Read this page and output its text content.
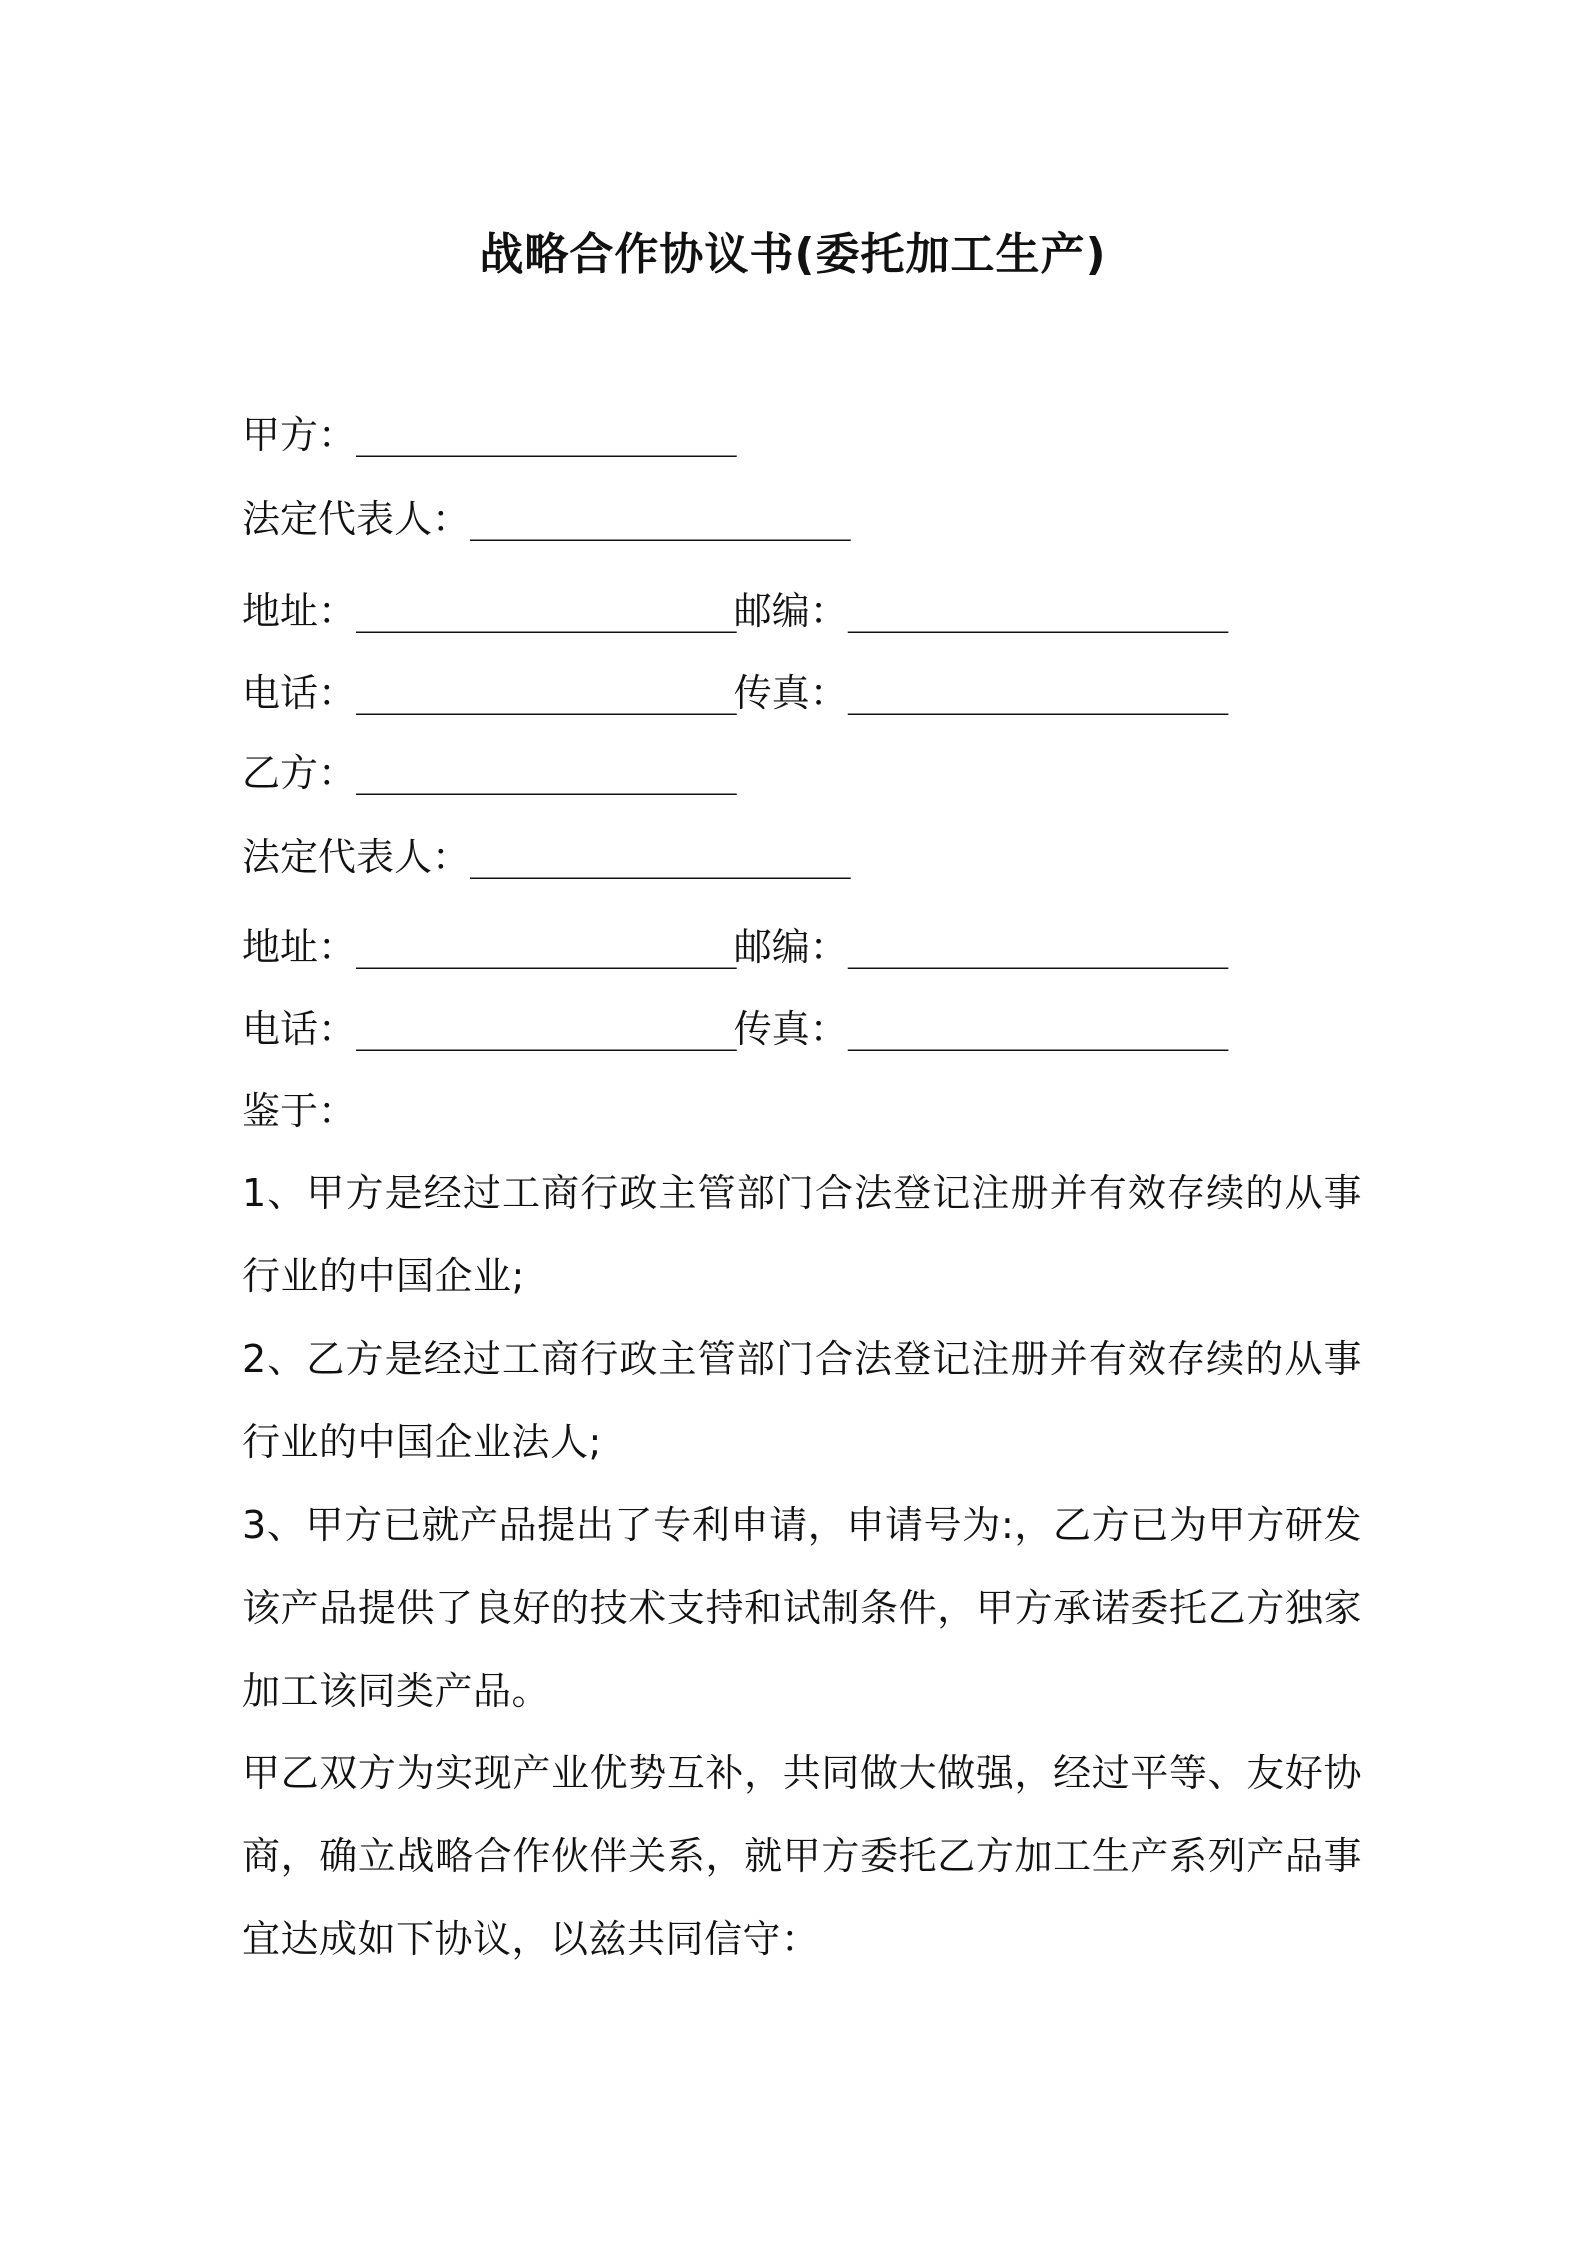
战略合作协议书(委托加工生产)
甲方：___________________
法定代表人：___________________
地址：___________________邮编：___________________
电话：___________________传真：___________________
乙方：___________________
法定代表人：___________________
地址：___________________邮编：___________________
电话：___________________传真：___________________
鉴于：
1、甲方是经过工商行政主管部门合法登记注册并有效存续的从事行业的中国企业;
2、乙方是经过工商行政主管部门合法登记注册并有效存续的从事行业的中国企业法人;
3、甲方已就产品提出了专利申请，申请号为:，乙方已为甲方研发该产品提供了良好的技术支持和试制条件，甲方承诺委托乙方独家加工该同类产品。
甲乙双方为实现产业优势互补，共同做大做强，经过平等、友好协商，确立战略合作伙伴关系，就甲方委托乙方加工生产系列产品事宜达成如下协议，以兹共同信守：
